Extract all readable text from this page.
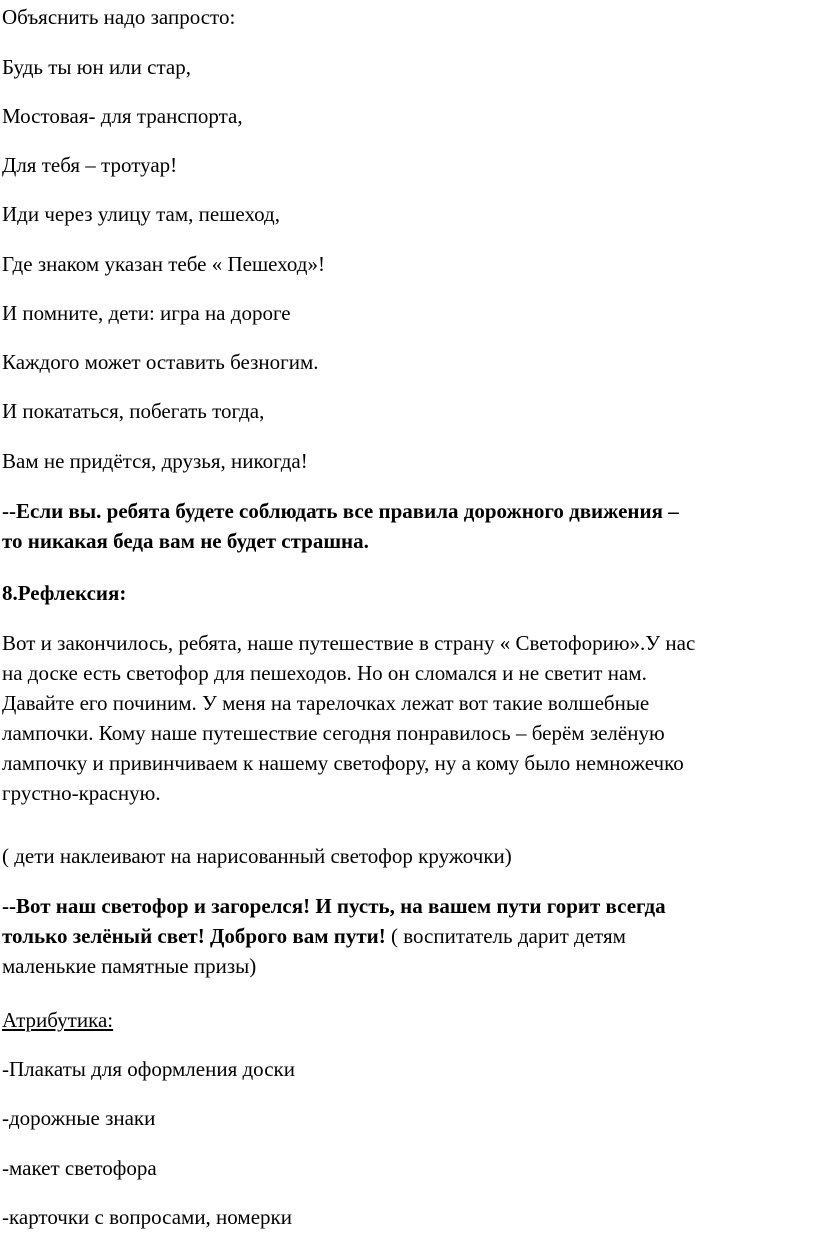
Объяснить надо запросто:

Будь ты юн или стар,

Мостовая- для транспорта,

Для тебя – тротуар!

Иди через улицу там, пешеход,

Где знаком указан тебе « Пешеход»!

И помните, дети: игра на дороге

Каждого может оставить безногим.

И покататься, побегать тогда,

Вам не придётся, друзья, никогда!

--Если вы. ребята будете соблюдать все правила дорожного движения –
то никакая беда вам не будет страшна.

8.Рефлексия:

Вот и закончилось, ребята, наше путешествие в страну « Светофорию».У нас
на доске есть светофор для пешеходов. Но он сломался и не светит нам.
Давайте его починим. У меня на тарелочках лежат вот такие волшебные
лампочки. Кому наше путешествие сегодня понравилось – берём зелёную
лампочку и привинчиваем к нашему светофору, ну а кому было немножечко
грустно-красную.

( дети наклеивают на нарисованный светофор кружочки)

--Вот наш светофор и загорелся! И пусть, на вашем пути горит всегда
только зелёный свет! Доброго вам пути! ( воспитатель дарит детям
маленькие памятные призы)

Атрибутика:

-Плакаты для оформления доски

-дорожные знаки

-макет светофора

-карточки с вопросами, номерки
